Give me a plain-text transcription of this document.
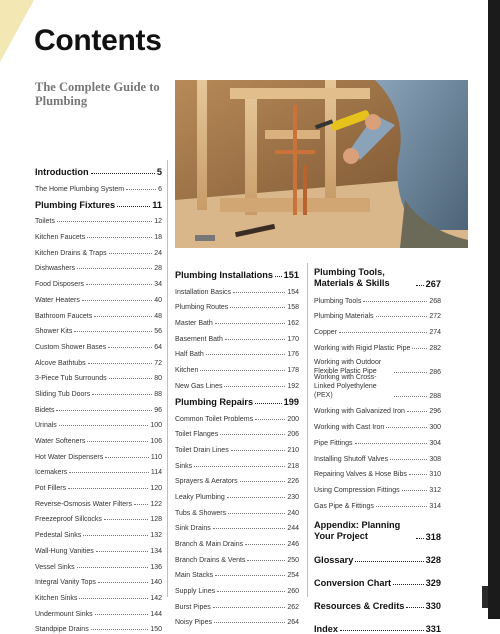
Contents
The Complete Guide to Plumbing
Introduction	5
The Home Plumbing System	6
Plumbing Fixtures	11
Toilets	12
Kitchen Faucets	18
Kitchen Drains & Traps	24
Dishwashers	28
Food Disposers	34
Water Heaters	40
Bathroom Faucets	48
Shower Kits	56
Custom Shower Bases	64
Alcove Bathtubs	72
3-Piece Tub Surrounds	80
Sliding Tub Doors	88
Bidets	96
Urinals	100
Water Softeners	106
Hot Water Dispensers	110
Icemakers	114
Pot Fillers	120
Reverse-Osmosis Water Filters	122
Freezeproof Sillcocks	128
Pedestal Sinks	132
Wall-Hung Vanities	134
Vessel Sinks	136
Integral Vanity Tops	140
Kitchen Sinks	142
Undermount Sinks	144
Standpipe Drains	150
Plumbing Installations 151
Installation Basics	154
Plumbing Routes	158
Master Bath	162
Basement Bath	170
Half Bath	176
Kitchen	178
New Gas Lines	192
Plumbing Repairs	199
Common Toilet Problems	200
Toilet Flanges	206
Toilet Drain Lines	210
Sinks	218
Sprayers & Aerators	226
Leaky Plumbing	230
Tubs & Showers	240
Sink Drains	244
Branch & Main Drains	246
Branch Drains & Vents	250
Main Stacks	254
Supply Lines	260
Burst Pipes	262
Noisy Pipes	264
Plumbing Tools, Materials & Skills	267
Plumbing Tools	268
Plumbing Materials	272
Copper	274
Working with Rigid Plastic Pipe	282
Working with Outdoor Flexible Plastic Pipe	286
Working with Cross-Linked Polyethylene (PEX)	288
Working with Galvanized Iron	296
Working with Cast Iron	300
Pipe Fittings	304
Installing Shutoff Valves	308
Repairing Valves & Hose Bibs	310
Using Compression Fittings	312
Gas Pipe & Fittings	314
Appendix: Planning Your Project	318
Glossary	328
Conversion Chart	329
Resources & Credits 330
Index	331
